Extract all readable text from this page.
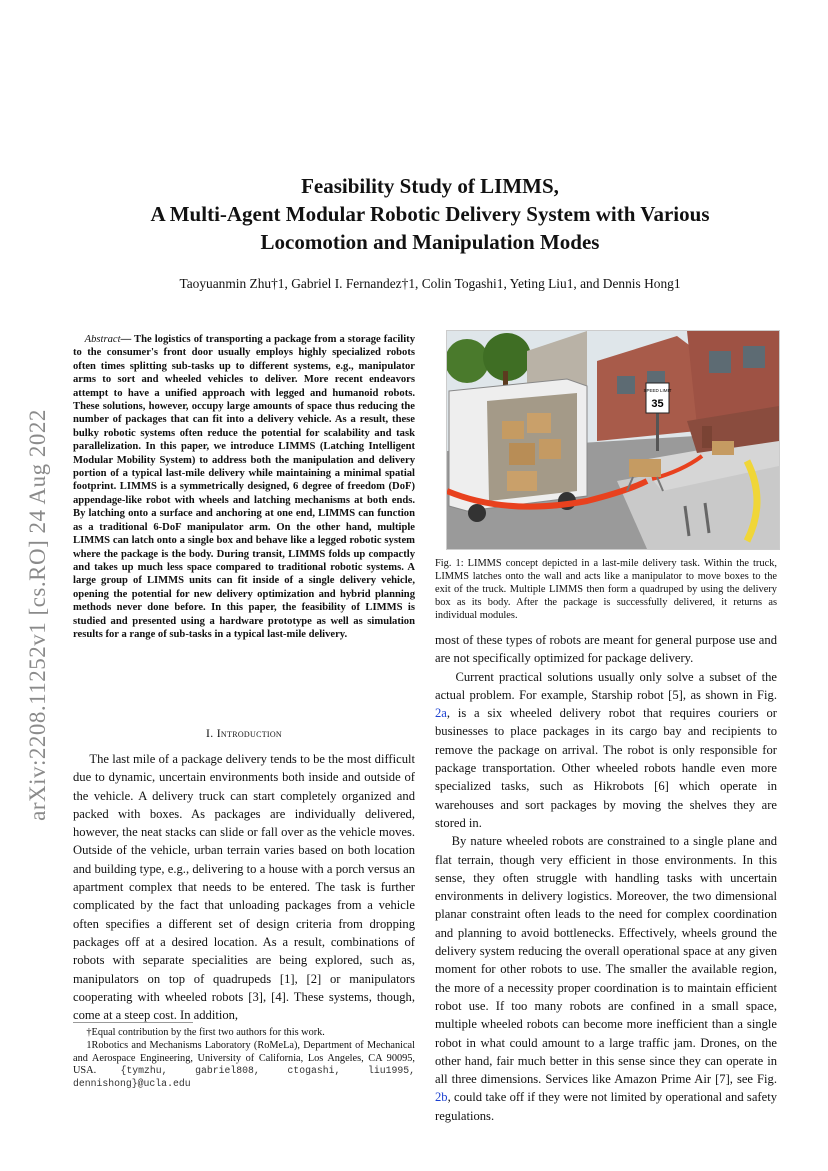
arXiv:2208.11252v1 [cs.RO] 24 Aug 2022
Feasibility Study of LIMMS,
A Multi-Agent Modular Robotic Delivery System with Various
Locomotion and Manipulation Modes
Taoyuanmin Zhu†1, Gabriel I. Fernandez†1, Colin Togashi1, Yeting Liu1, and Dennis Hong1
Abstract— The logistics of transporting a package from a storage facility to the consumer's front door usually employs highly specialized robots often times splitting sub-tasks up to different systems, e.g., manipulator arms to sort and wheeled vehicles to deliver. More recent endeavors attempt to have a unified approach with legged and humanoid robots. These solutions, however, occupy large amounts of space thus reducing the number of packages that can fit into a delivery vehicle. As a result, these bulky robotic systems often reduce the potential for scalability and task parallelization. In this paper, we introduce LIMMS (Latching Intelligent Modular Mobility System) to address both the manipulation and delivery portion of a typical last-mile delivery while maintaining a minimal spatial footprint. LIMMS is a symmetrically designed, 6 degree of freedom (DoF) appendage-like robot with wheels and latching mechanisms at both ends. By latching onto a surface and anchoring at one end, LIMMS can function as a traditional 6-DoF manipulator arm. On the other hand, multiple LIMMS can latch onto a single box and behave like a legged robotic system where the package is the body. During transit, LIMMS folds up compactly and takes up much less space compared to traditional robotic systems. A large group of LIMMS units can fit inside of a single delivery vehicle, opening the potential for new delivery optimization and hybrid planning methods never done before. In this paper, the feasibility of LIMMS is studied and presented using a hardware prototype as well as simulation results for a range of sub-tasks in a typical last-mile delivery.
I. Introduction
The last mile of a package delivery tends to be the most difficult due to dynamic, uncertain environments both inside and outside of the vehicle. A delivery truck can start completely organized and packed with boxes. As packages are individually delivered, however, the neat stacks can slide or fall over as the vehicle moves. Outside of the vehicle, urban terrain varies based on both location and building type, e.g., delivering to a house with a porch versus an apartment complex that needs to be entered. The task is further complicated by the fact that unloading packages from a vehicle often specifies a different set of design criteria from dropping packages off at a desired location. As a result, combinations of robots with separate specialities are being explored, such as, manipulators on top of quadrupeds [1], [2] or manipulators cooperating with wheeled robots [3], [4]. These systems, though, come at a steep cost. In addition,

†Equal contribution by the first two authors for this work.

1Robotics and Mechanisms Laboratory (RoMeLa), Department of Mechanical and Aerospace Engineering, University of California, Los Angeles, CA 90095, USA. {tymzhu, gabriel808, ctogashi, liu1995, dennishong}@ucla.edu

SPEED LIMIT
35
Fig. 1: LIMMS concept depicted in a last-mile delivery task. Within the truck, LIMMS latches onto the wall and acts like a manipulator to move boxes to the exit of the truck. Multiple LIMMS then form a quadruped by using the delivery box as its body. After the package is successfully delivered, it returns as individual modules.

most of these types of robots are meant for general purpose use and are not specifically optimized for package delivery.

Current practical solutions usually only solve a subset of the actual problem. For example, Starship robot [5], as shown in Fig. 2a, is a six wheeled delivery robot that requires couriers or businesses to place packages in its cargo bay and recipients to remove the package on arrival. The robot is only responsible for package transportation. Other wheeled robots handle even more specialized tasks, such as Hikrobots [6] which operate in warehouses and sort packages by moving the shelves they are stored in.

By nature wheeled robots are constrained to a single plane and flat terrain, though very efficient in those environments. In this sense, they often struggle with handling tasks with uncertain environments in delivery logistics. Moreover, the two dimensional planar constraint often leads to the need for complex coordination and planning to avoid bottlenecks. Effectively, wheels ground the delivery system reducing the overall operational space at any given moment for other robots to use. The smaller the available region, the more of a necessity proper coordination is to maintain efficient robot use. If too many robots are confined in a small space, multiple wheeled robots can become more inefficient than a single robot in what could amount to a large traffic jam. Drones, on the other hand, fair much better in this sense since they can operate in all three dimensions. Services like Amazon Prime Air [7], see Fig. 2b, could take off if they were not limited by operational and safety regulations.
